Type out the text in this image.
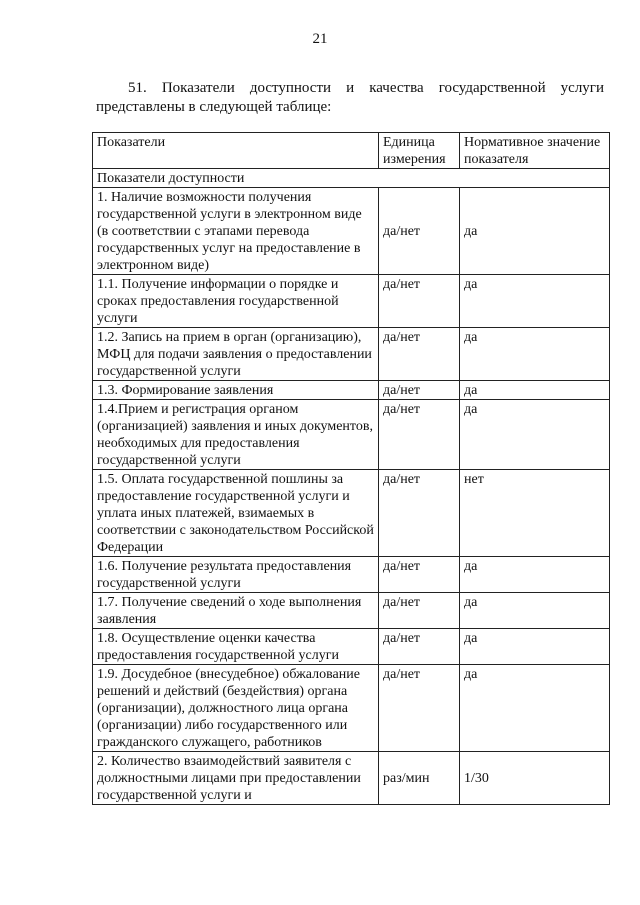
21
51. Показатели доступности и качества государственной услуги
представлены в следующей таблице:
Показатели	Единица измерения	Нормативное значение показателя
Показатели доступности		
1. Наличие возможности получения государственной услуги в электронном виде (в соответствии с этапами перевода государственных услуг на предоставление в электронном виде)	да/нет	да
1.1. Получение информации о порядке и сроках предоставления государственной услуги	да/нет	да
1.2. Запись на прием в орган (организацию), МФЦ для подачи заявления о предоставлении государственной услуги	да/нет	да
1.3. Формирование заявления	да/нет	да
1.4.Прием и регистрация органом (организацией) заявления и иных документов, необходимых для предоставления государственной услуги	да/нет	да
1.5. Оплата государственной пошлины за предоставление государственной услуги и уплата иных платежей, взимаемых в соответствии с законодательством Российской Федерации	да/нет	нет
1.6. Получение результата предоставления государственной услуги	да/нет	да
1.7. Получение сведений о ходе выполнения заявления	да/нет	да
1.8. Осуществление оценки качества предоставления государственной услуги	да/нет	да
1.9. Досудебное (внесудебное) обжалование решений и действий (бездействия) органа (организации), должностного лица органа (организации) либо государственного или гражданского служащего, работников	да/нет	да
2. Количество взаимодействий заявителя с должностными лицами при предоставлении государственной услуги и	раз/мин	1/30
